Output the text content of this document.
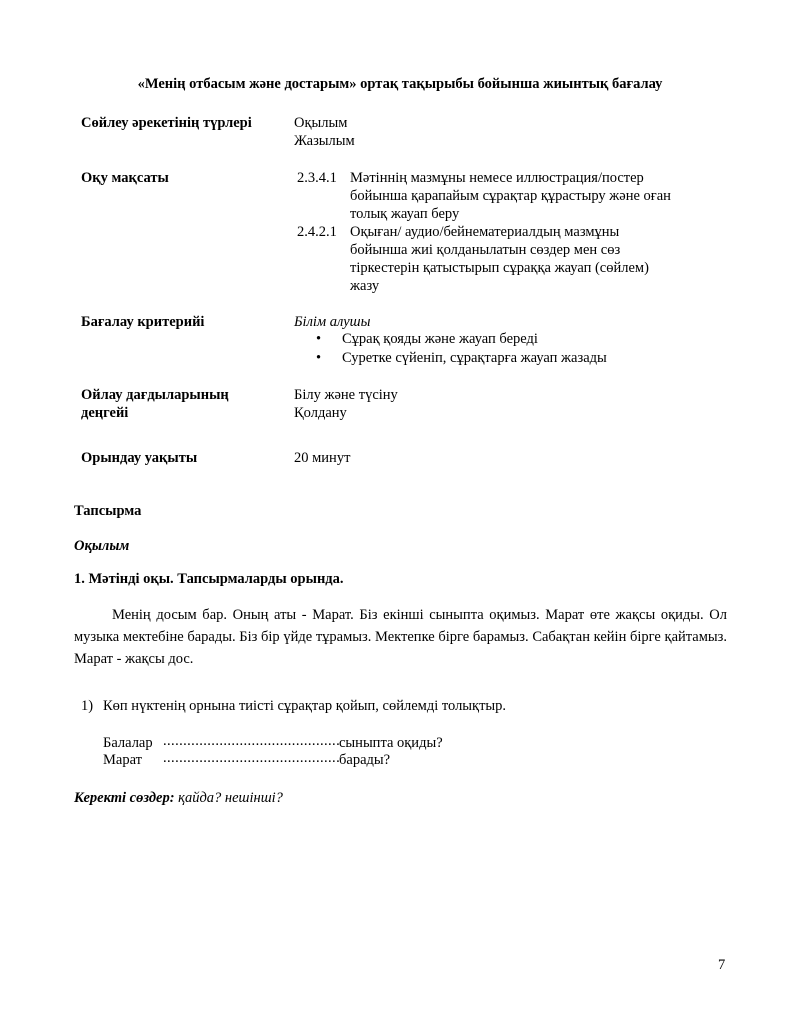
«Менің отбасым және достарым» ортақ тақырыбы бойынша жиынтық бағалау
Сөйлеу әрекетінің түрлері	Оқылым
Жазылым
Оқу мақсаты	2.3.4.1 Мәтіннің мазмұны немесе иллюстрация/постер
бойынша қарапайым сұрақтар құрастыру және оған
толық жауап беру
2.4.2.1 Оқыған/ аудио/бейнематериалдың мазмұны
бойынша жиі қолданылатын сөздер мен сөз
тіркестерін қатыстырып сұраққа жауап (сөйлем)
жазу
Бағалау критерийі	Білім алушы
• Сұрақ қояды және жауап береді
• Суретке сүйеніп, сұрақтарға жауап жазады
Ойлау дағдыларының
деңгейі
Білу және түсіну
Қолдану
Орындау уақыты	20 минут
Тапсырма
Оқылым
1. Мәтінді оқы. Тапсырмаларды орында.

Менің досым бар. Оның аты - Марат. Біз екінші сыныпта оқимыз. Марат өте жақсы оқиды. Ол музыка мектебіне барады. Біз бір үйде тұрамыз. Мектепке бірге барамыз. Сабақтан кейін бірге қайтамыз. Марат - жақсы дос.

1) Көп нүктенің орнына тиісті сұрақтар қойып, сөйлемді толықтыр.
Балалар ............................................
сыныпта оқиды?
Марат ............................................
барады?
Керекті сөздер: қайда? нешінші?
7
